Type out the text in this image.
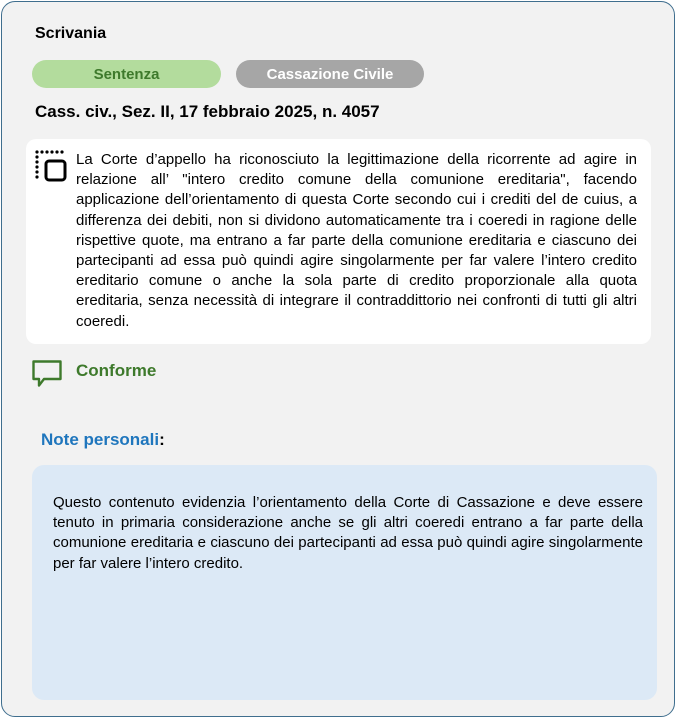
Scrivania
Sentenza	Cassazione Civile
Cass. civ., Sez. II, 17 febbraio 2025, n. 4057
La Corte d’appello ha riconosciuto la legittimazione della ricorrente ad agire in relazione all’ "intero credito comune della comunione ereditaria", facendo applicazione dell’orientamento di questa Corte secondo cui i crediti del de cuius, a differenza dei debiti, non si dividono automaticamente tra i coeredi in ragione delle rispettive quote, ma entrano a far parte della comunione ereditaria e ciascuno dei partecipanti ad essa può quindi agire singolarmente per far valere l’intero credito ereditario comune o anche la sola parte di credito proporzionale alla quota ereditaria, senza necessità di integrare il contraddittorio nei confronti di tutti gli altri coeredi.
Conforme
Note personali:
Questo contenuto evidenzia l’orientamento della Corte di Cassazione e deve essere tenuto in primaria considerazione anche se gli altri coeredi entrano a far parte della comunione ereditaria e ciascuno dei partecipanti ad essa può quindi agire singolarmente per far valere l’intero credito.
